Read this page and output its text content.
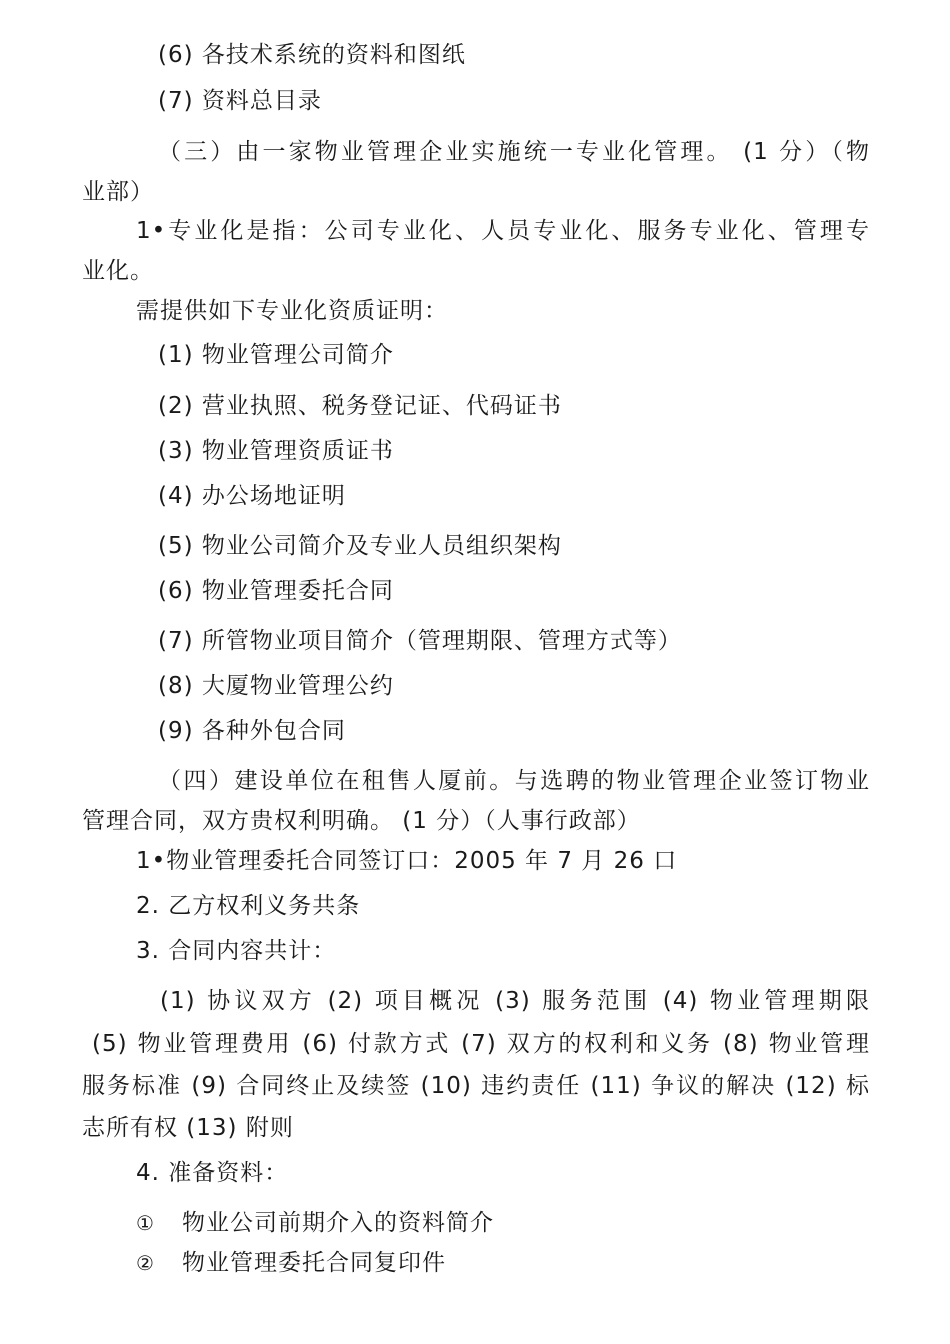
(6) 各技术系统的资料和图纸
(7) 资料总目录
（三）由一家物业管理企业实施统一专业化管理。 (1 分）（物
业部）
1•专业化是指：公司专业化、人员专业化、服务专业化、管理专
业化。
需提供如下专业化资质证明：
(1) 物业管理公司简介
(2) 营业执照、税务登记证、代码证书
(3) 物业管理资质证书
(4) 办公场地证明
(5) 物业公司简介及专业人员组织架构
(6) 物业管理委托合同
(7) 所管物业项目简介（管理期限、管理方式等）
(8) 大厦物业管理公约
(9) 各种外包合同
（四）建设单位在租售人厦前。与选聘的物业管理企业签订物业
管理合同，双方贵权利明确。 (1 分）（人事行政部）
1•物业管理委托合同签订口：2005 年 7 月 26 口
2. 乙方权利义务共条
3. 合同内容共计：
(1) 协议双方 (2) 项目概况 (3) 服务范围 (4) 物业管理期限
(5) 物业管理费用 (6) 付款方式 (7) 双方的权利和义务 (8) 物业管理
服务标准 (9) 合同终止及续签 (10) 违约责任 (11) 争议的解决 (12) 标
志所有权 (13) 附则
4. 准备资料：
① 物业公司前期介入的资料简介
② 物业管理委托合同复印件
